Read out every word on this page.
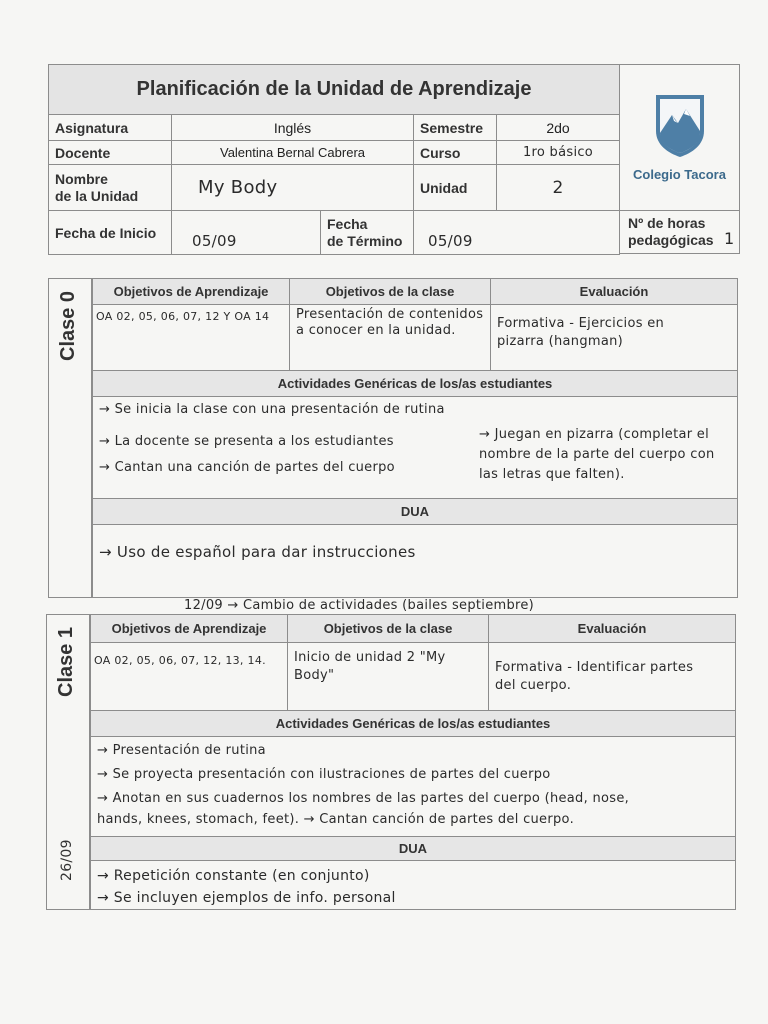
Planificación de la Unidad de Aprendizaje				
Asignatura	Inglés		Semestre	2do
Docente	Valentina Bernal Cabrera		Curso	1ro básico

Nombre
de la Unidad	My Body		Unidad	2
Fecha de Inicio	05/09	Fecha
de Término	05/09	
Colegio Tacora
Nº de horas
pedagógicas 1
Clase 0	Objetivos de Aprendizaje	Objetivos de la clase	Evaluación
OA 02, 05, 06, 07, 12 Y OA 14	Presentación de contenidos a conocer en la unidad.	Formativa - Ejercicios en pizarra (hangman)
Actividades Genéricas de los/as estudiantes		

→ Se inicia la clase con una presentación de rutina
→ La docente se presenta a los estudiantes
→ Cantan una canción de partes del cuerpo
→ Juegan en pizarra (completar el nombre de la parte del cuerpo con las letras que falten).		

DUA		
→ Uso de español para dar instrucciones		
12/09 → Cambio de actividades (bailes septiembre)
Clase 1
26/09
Objetivos de Aprendizaje	Objetivos de la clase	Evaluación
OA 02, 05, 06, 07, 12, 13, 14.	Inicio de unidad 2 "My Body"	Formativa - Identificar partes del cuerpo.
Actividades Genéricas de los/as estudiantes		

→ Presentación de rutina
→ Se proyecta presentación con ilustraciones de partes del cuerpo
→ Anotan en sus cuadernos los nombres de las partes del cuerpo (head, nose,
hands, knees, stomach, feet). → Cantan canción de partes del cuerpo.		

DUA		

→ Repetición constante (en conjunto)
→ Se incluyen ejemplos de info. personal		
